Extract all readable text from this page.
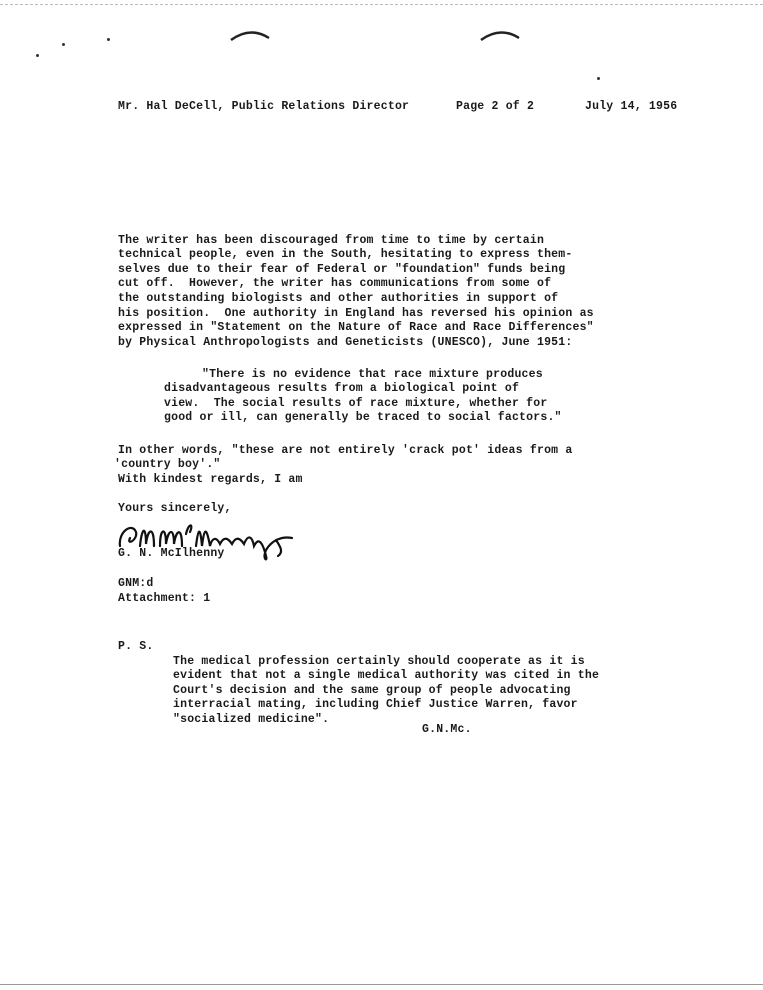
Mr. Hal DeCell, Public Relations Director	Page 2 of 2	July 14, 1956

The writer has been discouraged from time to time by certain
technical people, even in the South, hesitating to express them-
selves due to their fear of Federal or "foundation" funds being
cut off.  However, the writer has communications from some of
the outstanding biologists and other authorities in support of
his position.  One authority in England has reversed his opinion as
expressed in "Statement on the Nature of Race and Race Differences"
by Physical Anthropologists and Geneticists (UNESCO), June 1951:

"There is no evidence that race mixture produces
disadvantageous results from a biological point of
view.  The social results of race mixture, whether for
good or ill, can generally be traced to social factors."

In other words, "these are not entirely 'crack pot' ideas from a
'country boy'."

With kindest regards, I am
Yours sincerely,
G. N. McIlhenny
GNM:d
Attachment: 1
P. S.

The medical profession certainly should cooperate as it is
evident that not a single medical authority was cited in the
Court's decision and the same group of people advocating
interracial mating, including Chief Justice Warren, favor
"socialized medicine".

G.N.Mc.
